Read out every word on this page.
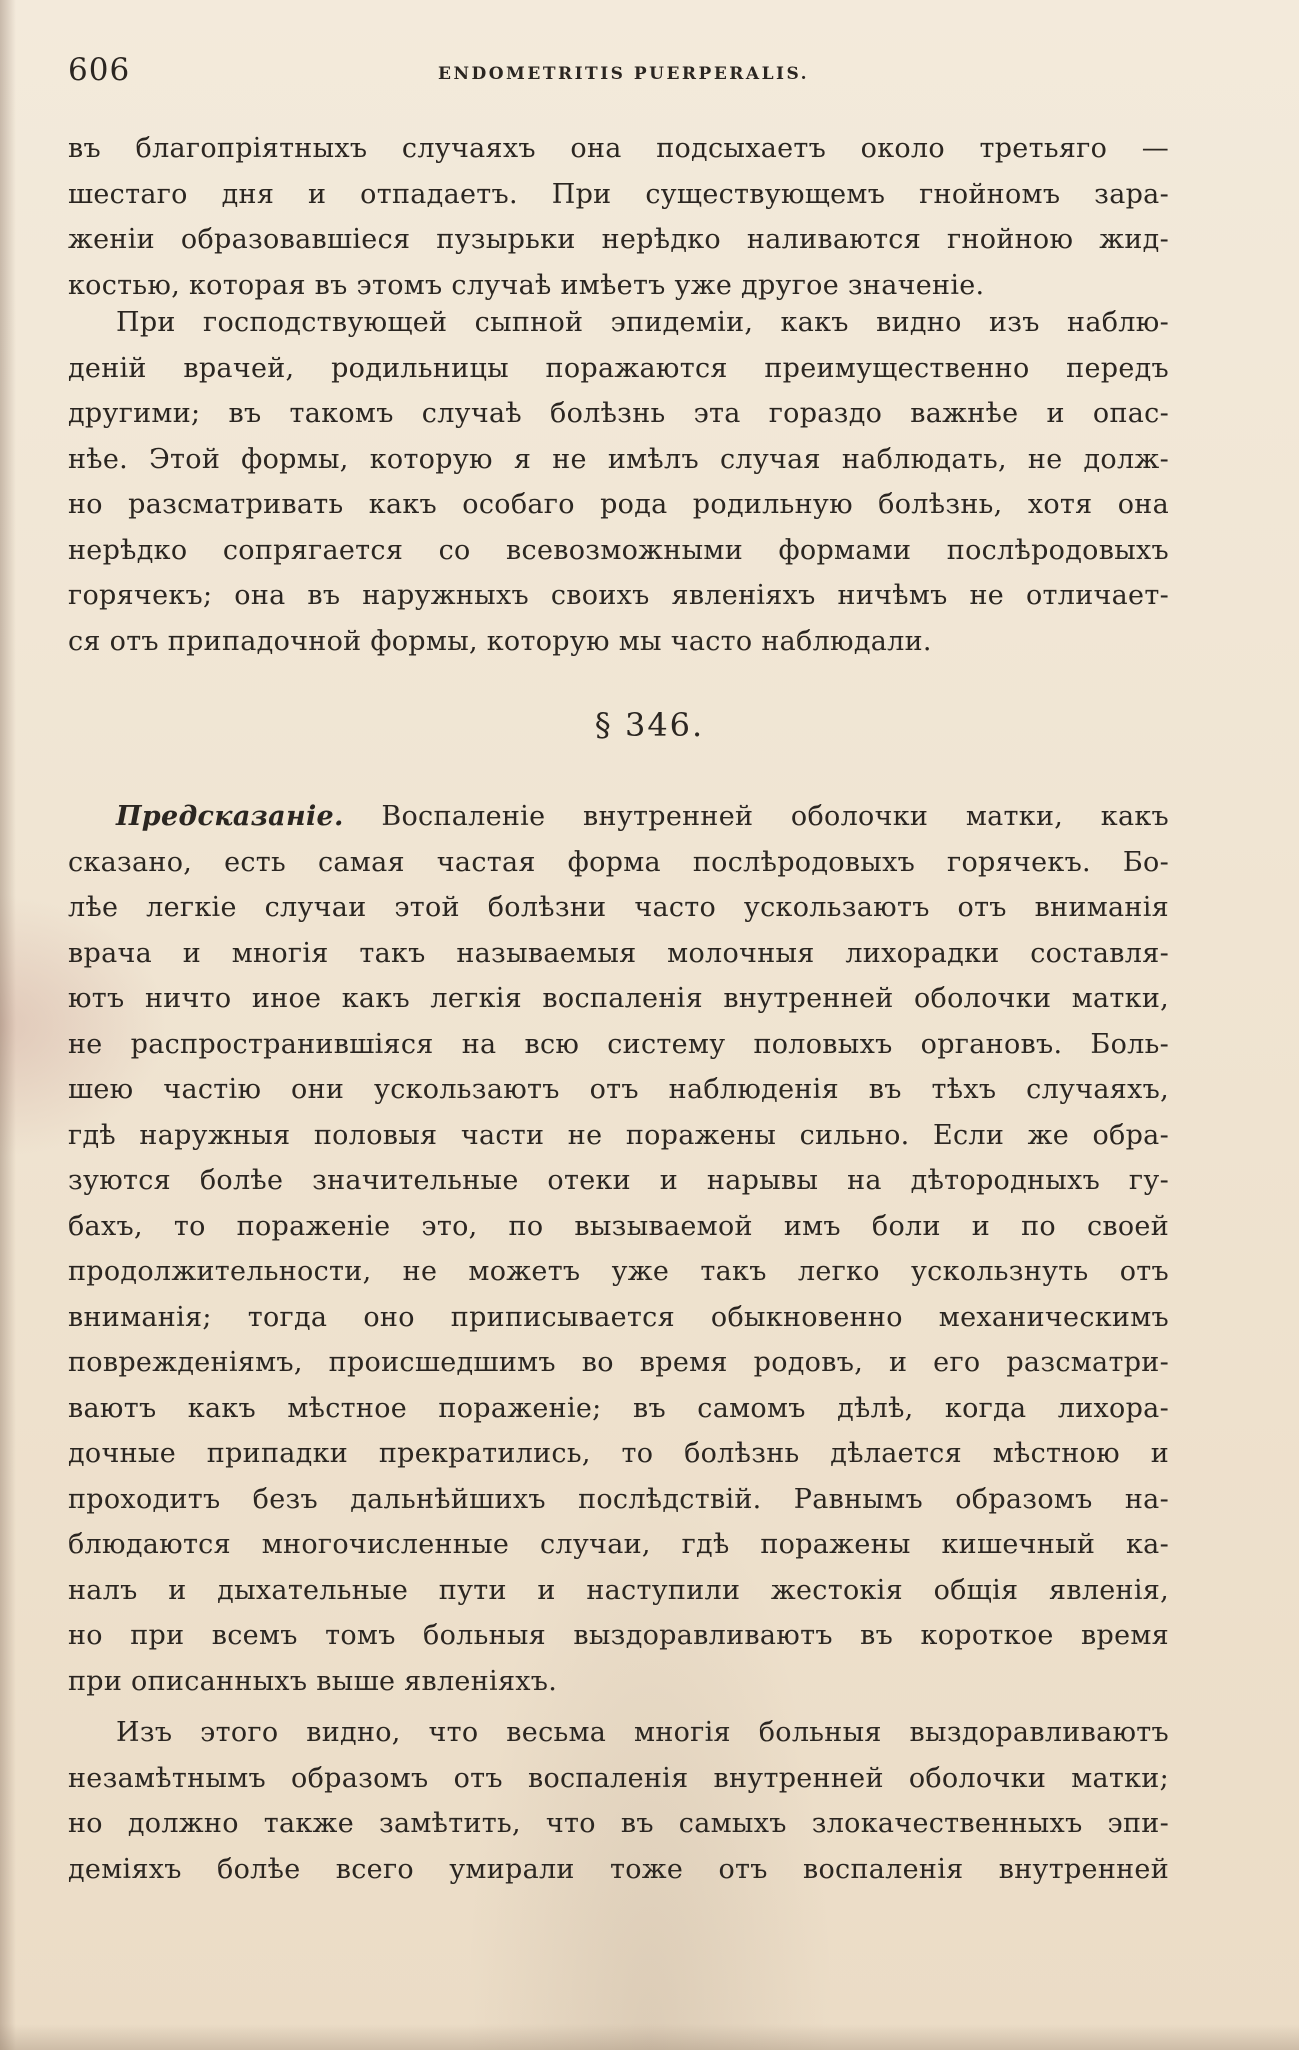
606	ENDOMETRITIS PUERPERALIS.
въ благопріятныхъ случаяхъ она подсыхаетъ около третьяго —
шестаго дня и отпадаетъ. При существующемъ гнойномъ зара-
женіи образовавшіеся пузырьки нерѣдко наливаются гнойною жид-
костью, которая въ этомъ случаѣ имѣетъ уже другое значеніе.
При господствующей сыпной эпидеміи, какъ видно изъ наблю-
деній врачей, родильницы поражаются преимущественно передъ
другими; въ такомъ случаѣ болѣзнь эта гораздо важнѣе и опас-
нѣе. Этой формы, которую я не имѣлъ случая наблюдать, не долж-
но разсматривать какъ особаго рода родильную болѣзнь, хотя она
нерѣдко сопрягается со всевозможными формами послѣродовыхъ
горячекъ; она въ наружныхъ своихъ явленіяхъ ничѣмъ не отличает-
ся отъ припадочной формы, которую мы часто наблюдали.
§ 346.
Предсказаніе. Воспаленіе внутренней оболочки матки, какъ
сказано, есть самая частая форма послѣродовыхъ горячекъ. Бо-
лѣе легкіе случаи этой болѣзни часто ускользаютъ отъ вниманія
врача и многія такъ называемыя молочныя лихорадки составля-
ютъ ничто иное какъ легкія воспаленія внутренней оболочки матки,
не распространившіяся на всю систему половыхъ органовъ. Боль-
шею частію они ускользаютъ отъ наблюденія въ тѣхъ случаяхъ,
гдѣ наружныя половыя части не поражены сильно. Если же обра-
зуются болѣе значительные отеки и нарывы на дѣтородныхъ гу-
бахъ, то пораженіе это, по вызываемой имъ боли и по своей
продолжительности, не можетъ уже такъ легко ускользнуть отъ
вниманія; тогда оно приписывается обыкновенно механическимъ
поврежденіямъ, происшедшимъ во время родовъ, и его разсматри-
ваютъ какъ мѣстное пораженіе; въ самомъ дѣлѣ, когда лихора-
дочные припадки прекратились, то болѣзнь дѣлается мѣстною и
проходитъ безъ дальнѣйшихъ послѣдствій. Равнымъ образомъ на-
блюдаются многочисленные случаи, гдѣ поражены кишечный ка-
налъ и дыхательные пути и наступили жестокія общія явленія,
но при всемъ томъ больныя выздоравливаютъ въ короткое время
при описанныхъ выше явленіяхъ.
Изъ этого видно, что весьма многія больныя выздоравливаютъ
незамѣтнымъ образомъ отъ воспаленія внутренней оболочки матки;
но должно также замѣтить, что въ самыхъ злокачественныхъ эпи-
деміяхъ болѣе всего умирали тоже отъ воспаленія внутренней
